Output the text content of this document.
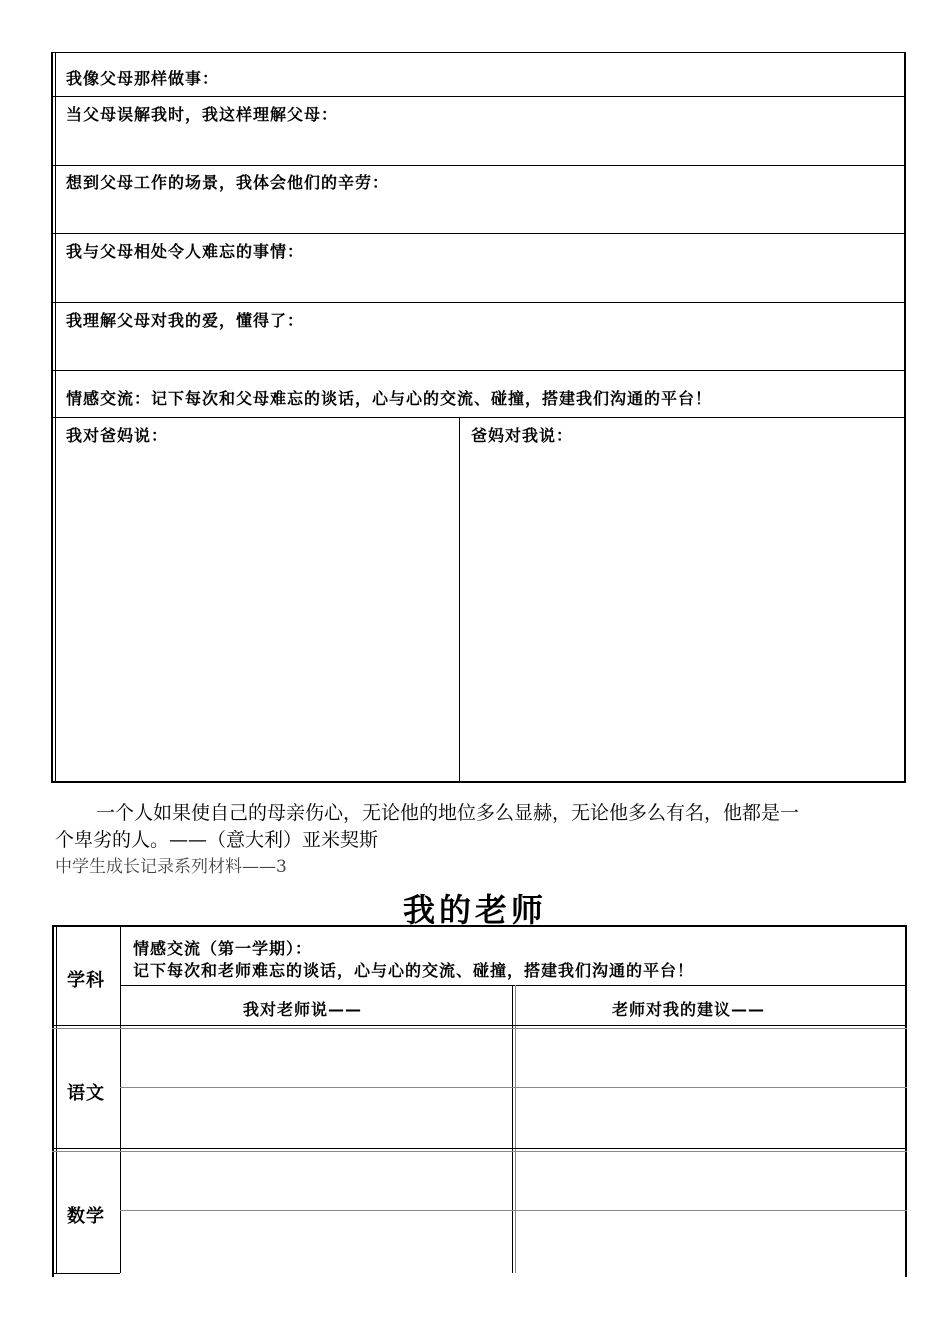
我像父母那样做事：
当父母误解我时，我这样理解父母：
想到父母工作的场景，我体会他们的辛劳：
我与父母相处令人难忘的事情：
我理解父母对我的爱，懂得了：
情感交流：记下每次和父母难忘的谈话，心与心的交流、碰撞，搭建我们沟通的平台！
我对爸妈说：	爸妈对我说：
一个人如果使自己的母亲伤心，无论他的地位多么显赫，无论他多么有名，他都是一
个卑劣的人。——（意大利）亚米契斯
中学生成长记录系列材料——3
我的老师
学科
情感交流（第一学期）：
记下每次和老师难忘的谈话，心与心的交流、碰撞，搭建我们沟通的平台！
我对老师说——	老师对我的建议——
语文
数学
